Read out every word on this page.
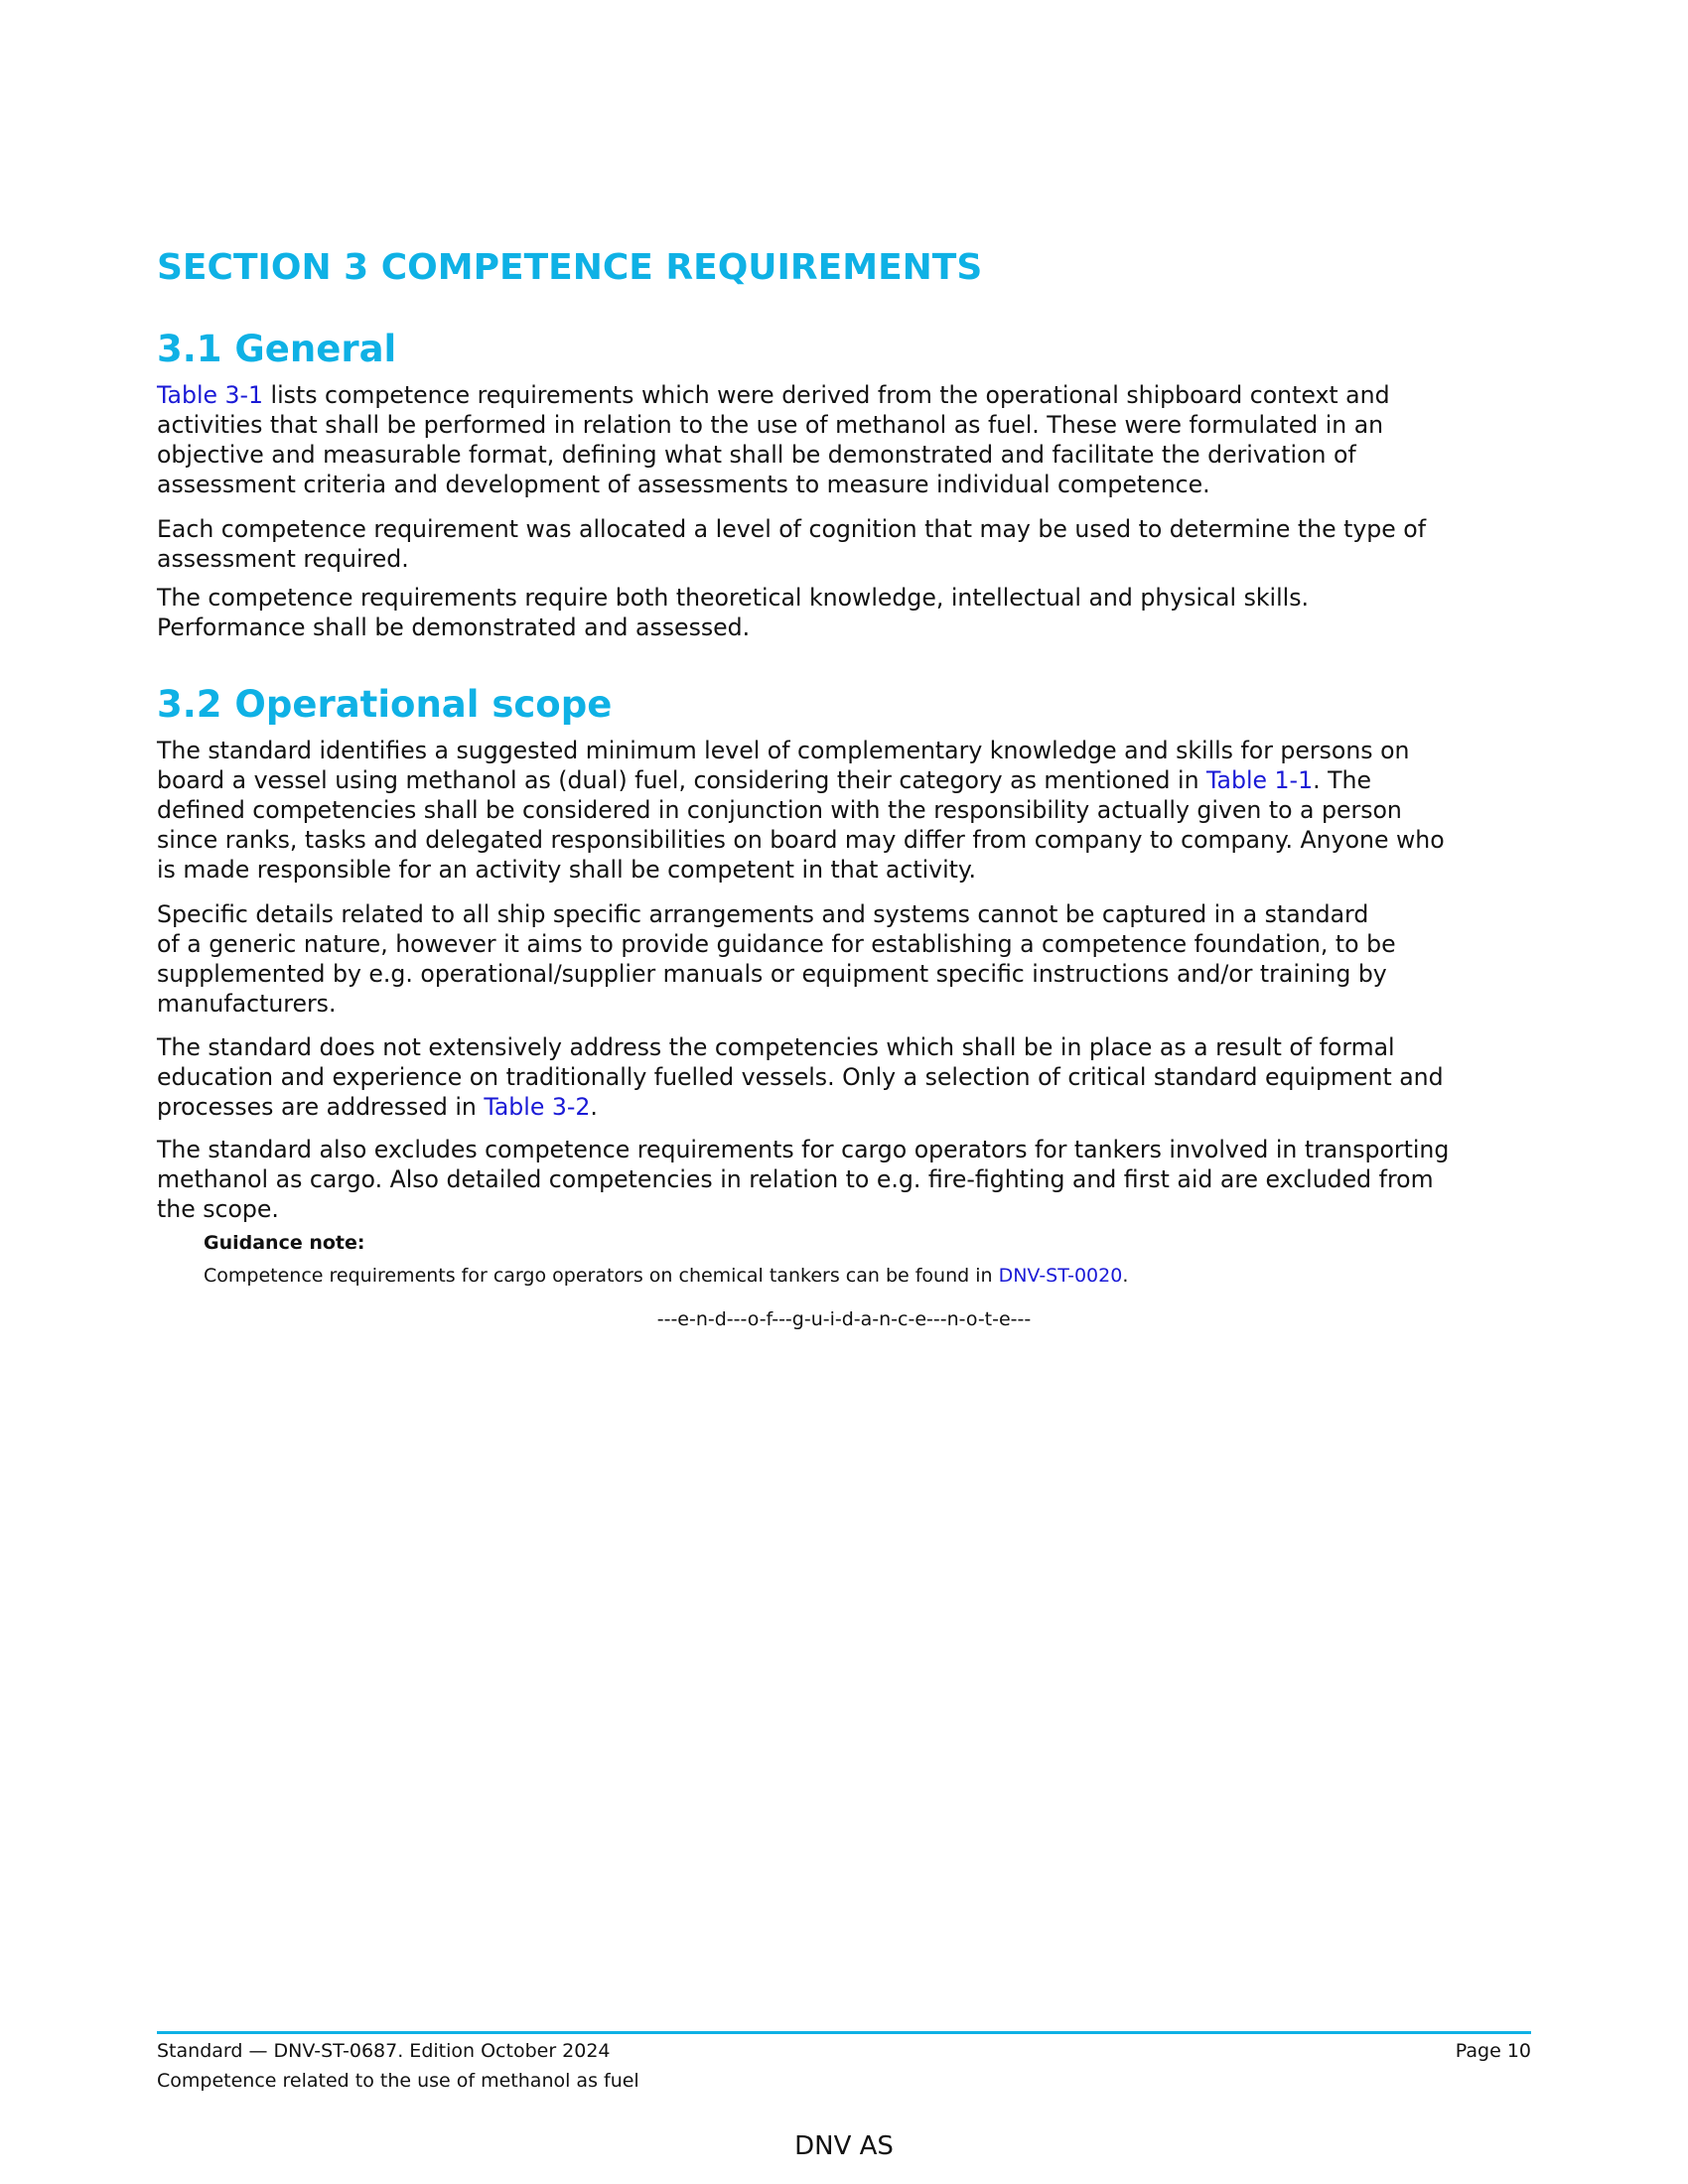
SECTION 3 COMPETENCE REQUIREMENTS
3.1 General

Table 3-1 lists competence requirements which were derived from the operational shipboard context and
activities that shall be performed in relation to the use of methanol as fuel. These were formulated in an
objective and measurable format, defining what shall be demonstrated and facilitate the derivation of
assessment criteria and development of assessments to measure individual competence.

Each competence requirement was allocated a level of cognition that may be used to determine the type of
assessment required.

The competence requirements require both theoretical knowledge, intellectual and physical skills.
Performance shall be demonstrated and assessed.

3.2 Operational scope

The standard identifies a suggested minimum level of complementary knowledge and skills for persons on
board a vessel using methanol as (dual) fuel, considering their category as mentioned in Table 1-1. The
defined competencies shall be considered in conjunction with the responsibility actually given to a person
since ranks, tasks and delegated responsibilities on board may differ from company to company. Anyone who
is made responsible for an activity shall be competent in that activity.

Specific details related to all ship specific arrangements and systems cannot be captured in a standard
of a generic nature, however it aims to provide guidance for establishing a competence foundation, to be
supplemented by e.g. operational/supplier manuals or equipment specific instructions and/or training by
manufacturers.

The standard does not extensively address the competencies which shall be in place as a result of formal
education and experience on traditionally fuelled vessels. Only a selection of critical standard equipment and
processes are addressed in Table 3-2.

The standard also excludes competence requirements for cargo operators for tankers involved in transporting
methanol as cargo. Also detailed competencies in relation to e.g. fire-fighting and first aid are excluded from
the scope.

Guidance note:

Competence requirements for cargo operators on chemical tankers can be found in DNV-ST-0020.

---e-n-d---o-f---g-u-i-d-a-n-c-e---n-o-t-e---

Standard — DNV-ST-0687. Edition October 2024

Competence related to the use of methanol as fuel

Page 10

DNV AS
